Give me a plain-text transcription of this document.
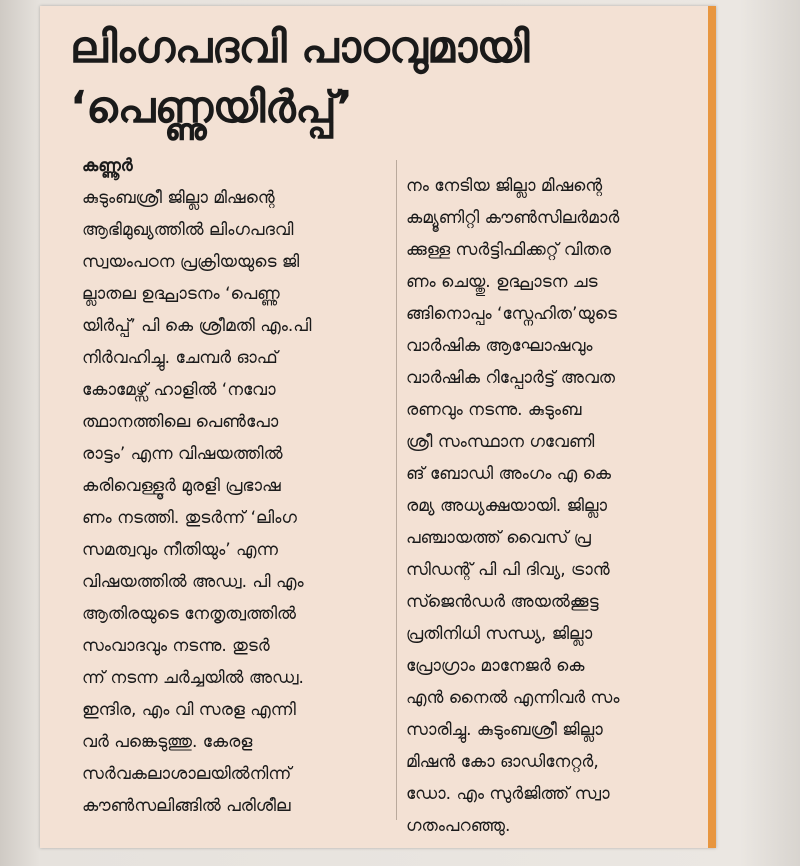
ലിംഗപദവി പാഠവുമായി
‘പെണ്ണുയിർപ്പ്’
കണ്ണൂർ
കുടുംബശ്രീ ജില്ലാ മിഷന്റെ
ആഭിമുഖ്യത്തിൽ ലിംഗപദവി
സ്വയംപഠന പ്രക്രിയയുടെ ജി
ല്ലാതല ഉദ്ഘാടനം ‘പെണ്ണു
യിർപ്പ്’ പി കെ ശ്രീമതി എം.പി
നിർവഹിച്ചു. ചേമ്പർ ഓഫ്
കോമേഴ്സ് ഹാളിൽ ‘നവോ
ത്ഥാനത്തിലെ പെൺപോ
രാട്ടം’ എന്ന വിഷയത്തിൽ
കരിവെള്ളൂർ മുരളി പ്രഭാഷ
ണം നടത്തി. തുടർന്ന് ‘ലിംഗ
സമത്വവും നീതിയും’ എന്ന
വിഷയത്തിൽ അഡ്വ. പി എം
ആതിരയുടെ നേതൃത്വത്തിൽ
സംവാദവും നടന്നു. തുടർ
ന്ന് നടന്ന ചർച്ചയിൽ അഡ്വ.
ഇന്ദിര, എം വി സരള എന്നി
വർ പങ്കെടുത്തു. കേരള
സർവകലാശാലയിൽനിന്ന്
കൗൺസലിങ്ങിൽ പരിശീല
നം നേടിയ ജില്ലാ മിഷന്റെ
കമ്യൂണിറ്റി കൗൺസിലർമാർ
ക്കുള്ള സർട്ടിഫിക്കറ്റ് വിതര
ണം ചെയ്തു. ഉദ്ഘാടന ചട
ങ്ങിനൊപ്പം ‘സ്നേഹിത’യുടെ
വാർഷിക ആഘോഷവും
വാർഷിക റിപ്പോർട്ട് അവത
രണവും നടന്നു. കുടുംബ
ശ്രീ സംസ്ഥാന ഗവേണി
ങ് ബോഡി അംഗം എ കെ
രമ്യ അധ്യക്ഷയായി. ജില്ലാ
പഞ്ചായത്ത് വൈസ് പ്ര
സിഡന്റ് പി പി ദിവ്യ, ട്രാൻ
സ്ജെൻഡർ അയൽക്കൂട്ട
പ്രതിനിധി സന്ധ്യ, ജില്ലാ
പ്രോഗ്രാം മാനേജർ കെ
എൻ നൈൽ എന്നിവർ സം
സാരിച്ചു. കുടുംബശ്രീ ജില്ലാ
മിഷൻ കോ ഓഡിനേറ്റർ,
ഡോ. എം സുർജിത്ത് സ്വാ
ഗതംപറഞ്ഞു.
